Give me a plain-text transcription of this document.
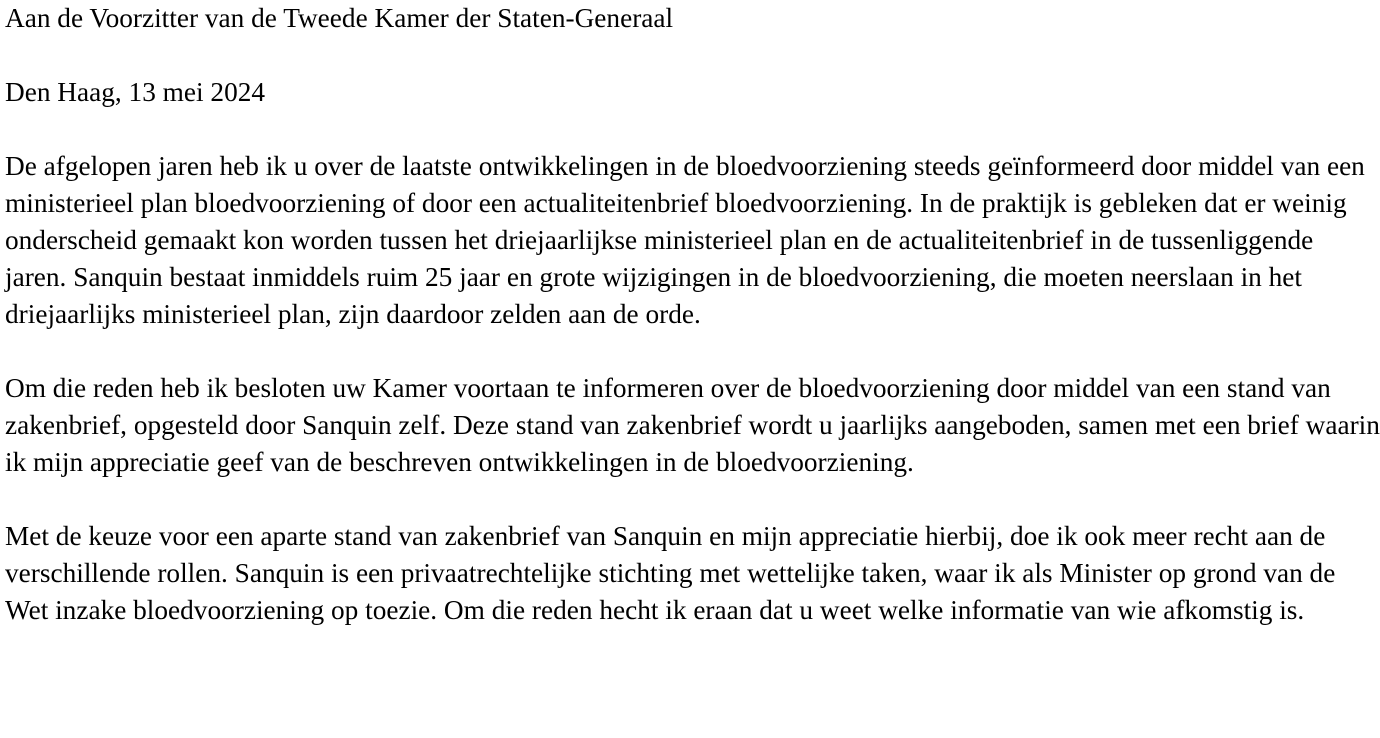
Aan de Voorzitter van de Tweede Kamer der Staten-Generaal

Den Haag, 13 mei 2024

De afgelopen jaren heb ik u over de laatste ontwikkelingen in de bloedvoorziening steeds geïnformeerd door middel van een ministerieel plan bloedvoorziening of door een actualiteitenbrief bloedvoorziening. In de praktijk is gebleken dat er weinig onderscheid gemaakt kon worden tussen het driejaarlijkse ministerieel plan en de actualiteitenbrief in de tussenliggende jaren. Sanquin bestaat inmiddels ruim 25 jaar en grote wijzigingen in de bloedvoorziening, die moeten neerslaan in het driejaarlijks ministerieel plan, zijn daardoor zelden aan de orde.

Om die reden heb ik besloten uw Kamer voortaan te informeren over de bloedvoorziening door middel van een stand van zakenbrief, opgesteld door Sanquin zelf. Deze stand van zakenbrief wordt u jaarlijks aangeboden, samen met een brief waarin ik mijn appreciatie geef van de beschreven ontwikkelingen in de bloedvoorziening.

Met de keuze voor een aparte stand van zakenbrief van Sanquin en mijn appreciatie hierbij, doe ik ook meer recht aan de verschillende rollen. Sanquin is een privaatrechtelijke stichting met wettelijke taken, waar ik als Minister op grond van de Wet inzake bloedvoorziening op toezie. Om die reden hecht ik eraan dat u weet welke informatie van wie afkomstig is.
